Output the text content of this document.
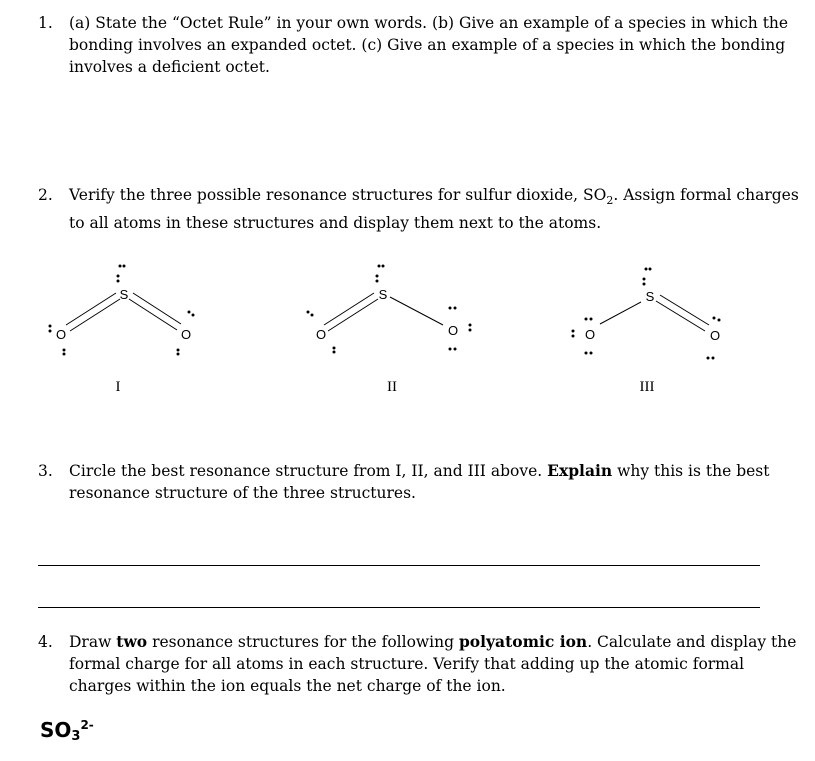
1. (a) State the “Octet Rule” in your own words. (b) Give an example of a species in which the bonding involves an expanded octet. (c) Give an example of a species in which the bonding involves a deficient octet.
2. Verify the three possible resonance structures for sulfur dioxide, $SO_2$. Assign formal charges to all atoms in these structures and display them next to the atoms.
S
O	O
S
O	O
S
O	O
I	II	III
3. Circle the best resonance structure from I, II, and III above. Explain why this is the best resonance structure of the three structures.
4. Draw two resonance structures for the following polyatomic ion. Calculate and display the formal charge for all atoms in each structure. Verify that adding up the atomic formal charges within the ion equals the net charge of the ion.
$SO_3^{2-}$
